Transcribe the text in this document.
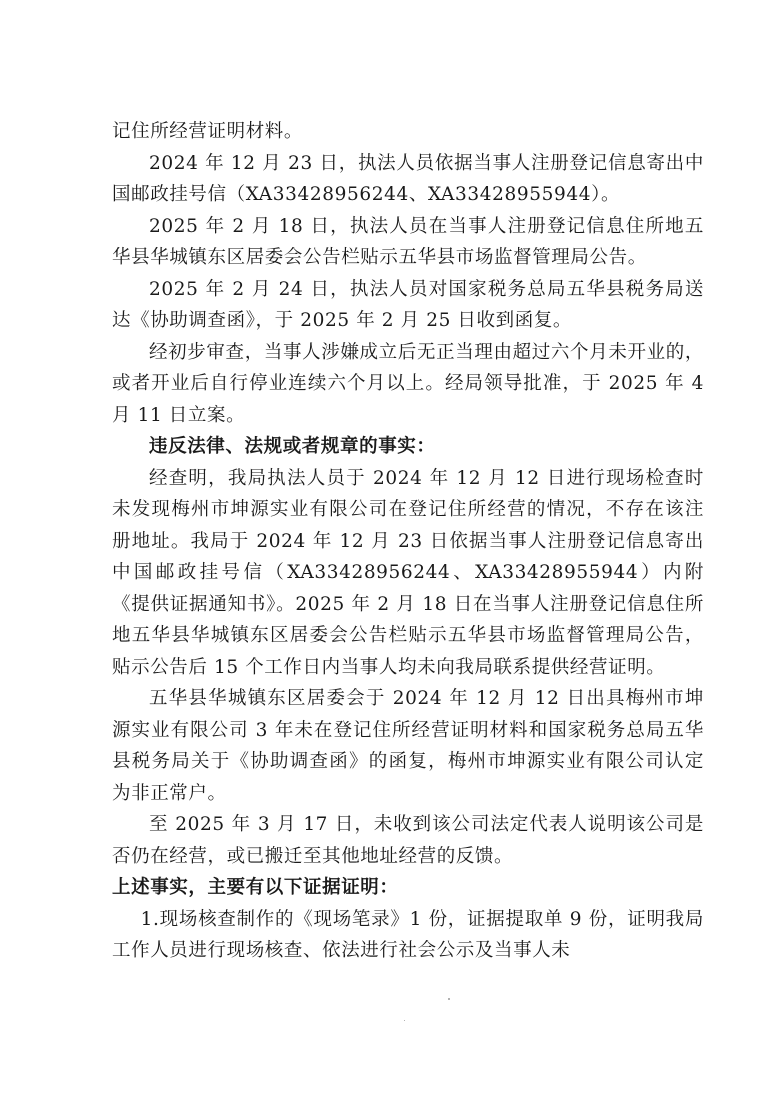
记住所经营证明材料。

2024 年 12 月 23 日，执法人员依据当事人注册登记信息寄出中国邮政挂号信（XA33428956244、XA33428955944）。

2025 年 2 月 18 日，执法人员在当事人注册登记信息住所地五华县华城镇东区居委会公告栏贴示五华县市场监督管理局公告。

2025 年 2 月 24 日，执法人员对国家税务总局五华县税务局送达《协助调查函》，于 2025 年 2 月 25 日收到函复。

经初步审查，当事人涉嫌成立后无正当理由超过六个月未开业的，或者开业后自行停业连续六个月以上。经局领导批准，于 2025 年 4 月 11 日立案。

违反法律、法规或者规章的事实：

经查明，我局执法人员于 2024 年 12 月 12 日进行现场检查时未发现梅州市坤源实业有限公司在登记住所经营的情况，不存在该注册地址。我局于 2024 年 12 月 23 日依据当事人注册登记信息寄出中国邮政挂号信（XA33428956244、XA33428955944）内附《提供证据通知书》。2025 年 2 月 18 日在当事人注册登记信息住所地五华县华城镇东区居委会公告栏贴示五华县市场监督管理局公告，贴示公告后 15 个工作日内当事人均未向我局联系提供经营证明。

五华县华城镇东区居委会于 2024 年 12 月 12 日出具梅州市坤源实业有限公司 3 年未在登记住所经营证明材料和国家税务总局五华县税务局关于《协助调查函》的函复，梅州市坤源实业有限公司认定为非正常户。

至 2025 年 3 月 17 日，未收到该公司法定代表人说明该公司是否仍在经营，或已搬迁至其他地址经营的反馈。

上述事实，主要有以下证据证明：

1.现场核查制作的《现场笔录》1 份，证据提取单 9 份，证明我局工作人员进行现场核查、依法进行社会公示及当事人未
